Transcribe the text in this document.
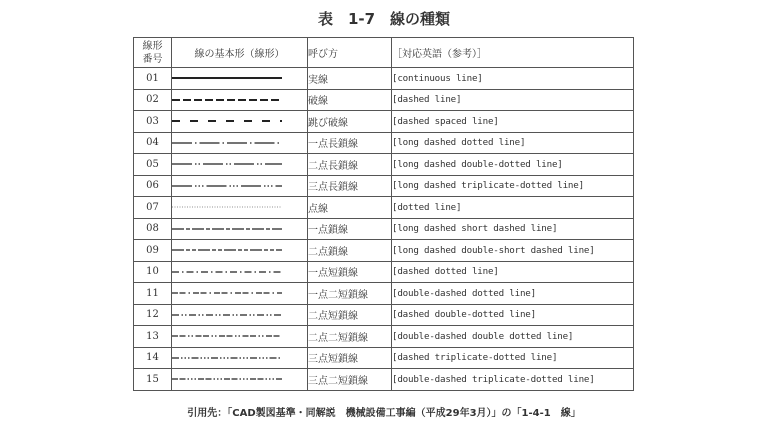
表　1-7　線の種類
線形
番号	線の基本形（線形）	呼び方	［対応英語（参考）］
01		実線	[continuous line]
02		破線	[dashed line]
03		跳び破線	[dashed spaced line]
04		一点長鎖線	[long dashed dotted line]
05		二点長鎖線	[long dashed double-dotted line]
06		三点長鎖線	[long dashed triplicate-dotted line]
07		点線	[dotted line]
08		一点鎖線	[long dashed short dashed line]
09		二点鎖線	[long dashed double-short dashed line]
10		一点短鎖線	[dashed dotted line]
11		一点二短鎖線	[double-dashed dotted line]
12		二点短鎖線	[dashed double-dotted line]
13		二点二短鎖線	[double-dashed double dotted line]
14		三点短鎖線	[dashed triplicate-dotted line]
15		三点二短鎖線	[double-dashed triplicate-dotted line]
引用先：「CAD製図基準・同解説　機械設備工事編（平成29年3月）」の「1-4-1　線」
